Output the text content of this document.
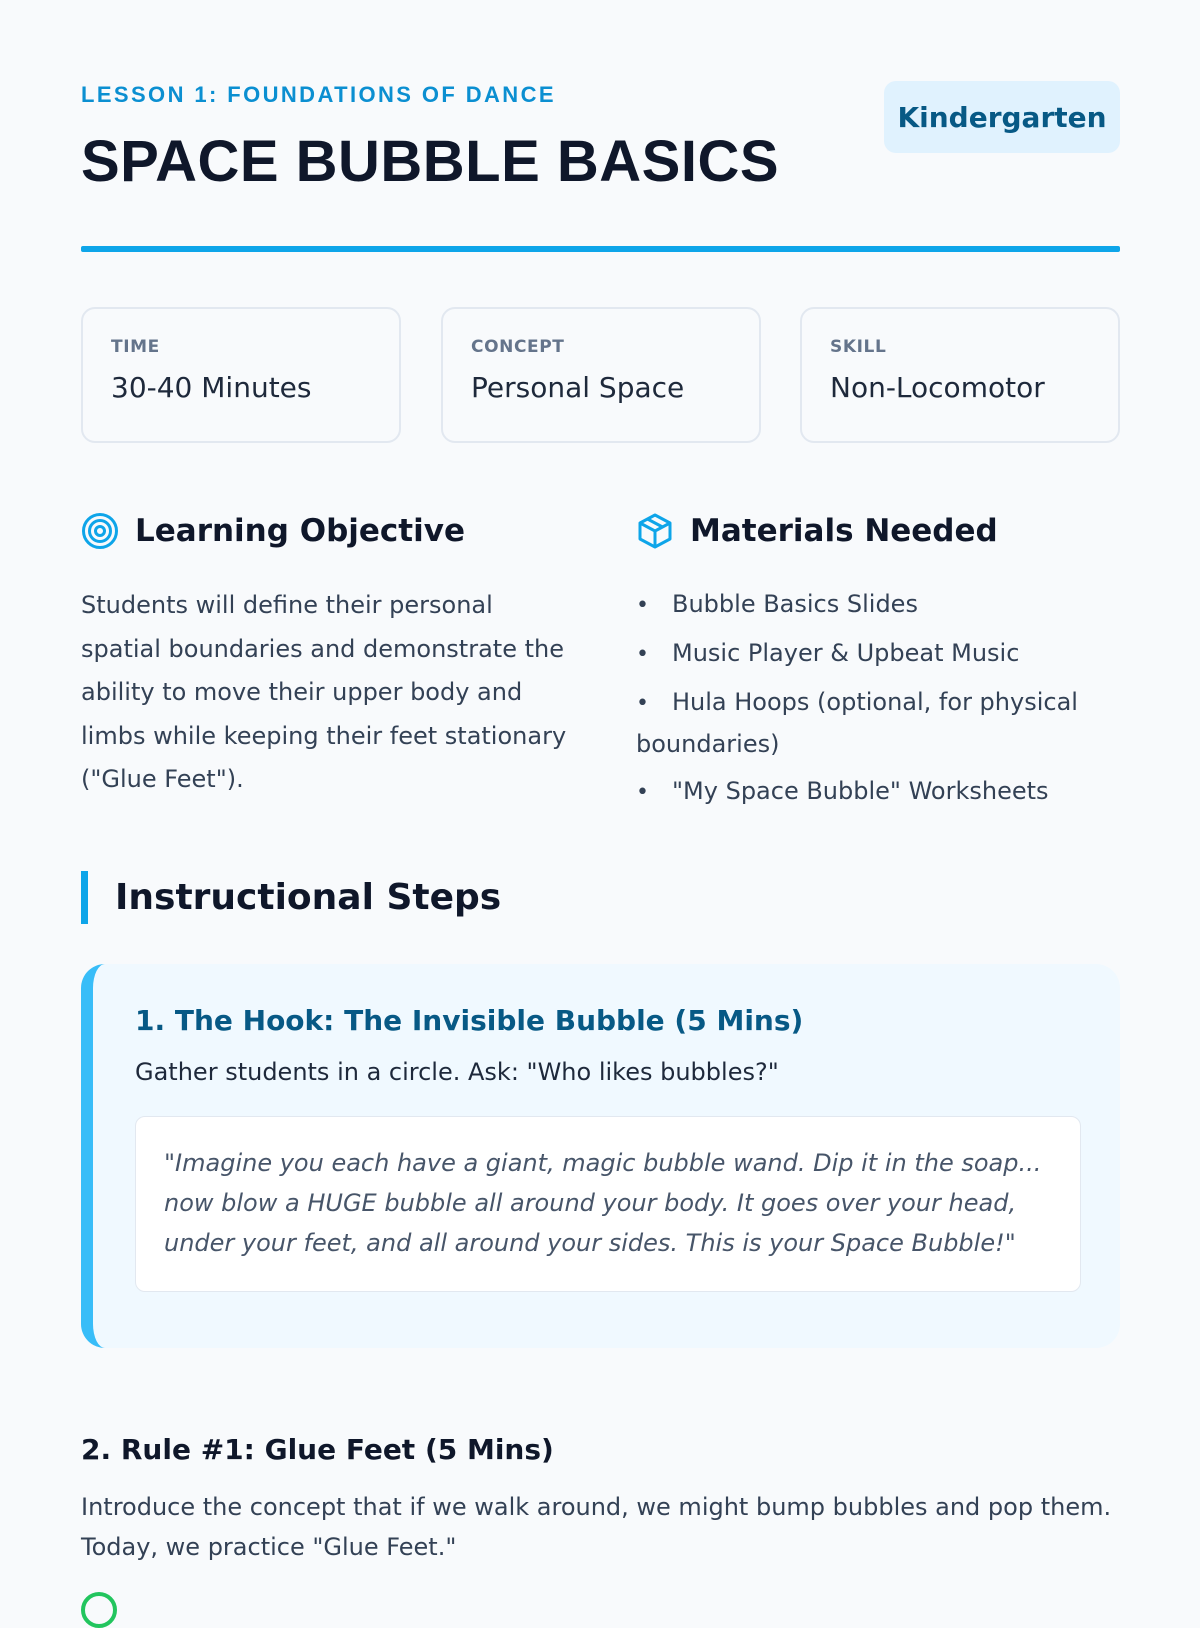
LESSON 1: FOUNDATIONS OF DANCE
SPACE BUBBLE BASICS
Kindergarten
TIME
30-40 Minutes
CONCEPT
Personal Space
SKILL
Non-Locomotor
Learning Objective
Students will define their personal spatial boundaries and demonstrate the ability to move their upper body and limbs while keeping their feet stationary ("Glue Feet").
Materials Needed
• Bubble Basics Slides
• Music Player & Upbeat Music
• Hula Hoops (optional, for physical boundaries)
• "My Space Bubble" Worksheets
Instructional Steps
1. The Hook: The Invisible Bubble (5 Mins)
Gather students in a circle. Ask: "Who likes bubbles?"
"Imagine you each have a giant, magic bubble wand. Dip it in the soap... now blow a HUGE bubble all around your body. It goes over your head, under your feet, and all around your sides. This is your Space Bubble!"
2. Rule #1: Glue Feet (5 Mins)
Introduce the concept that if we walk around, we might bump bubbles and pop them. Today, we practice "Glue Feet."
